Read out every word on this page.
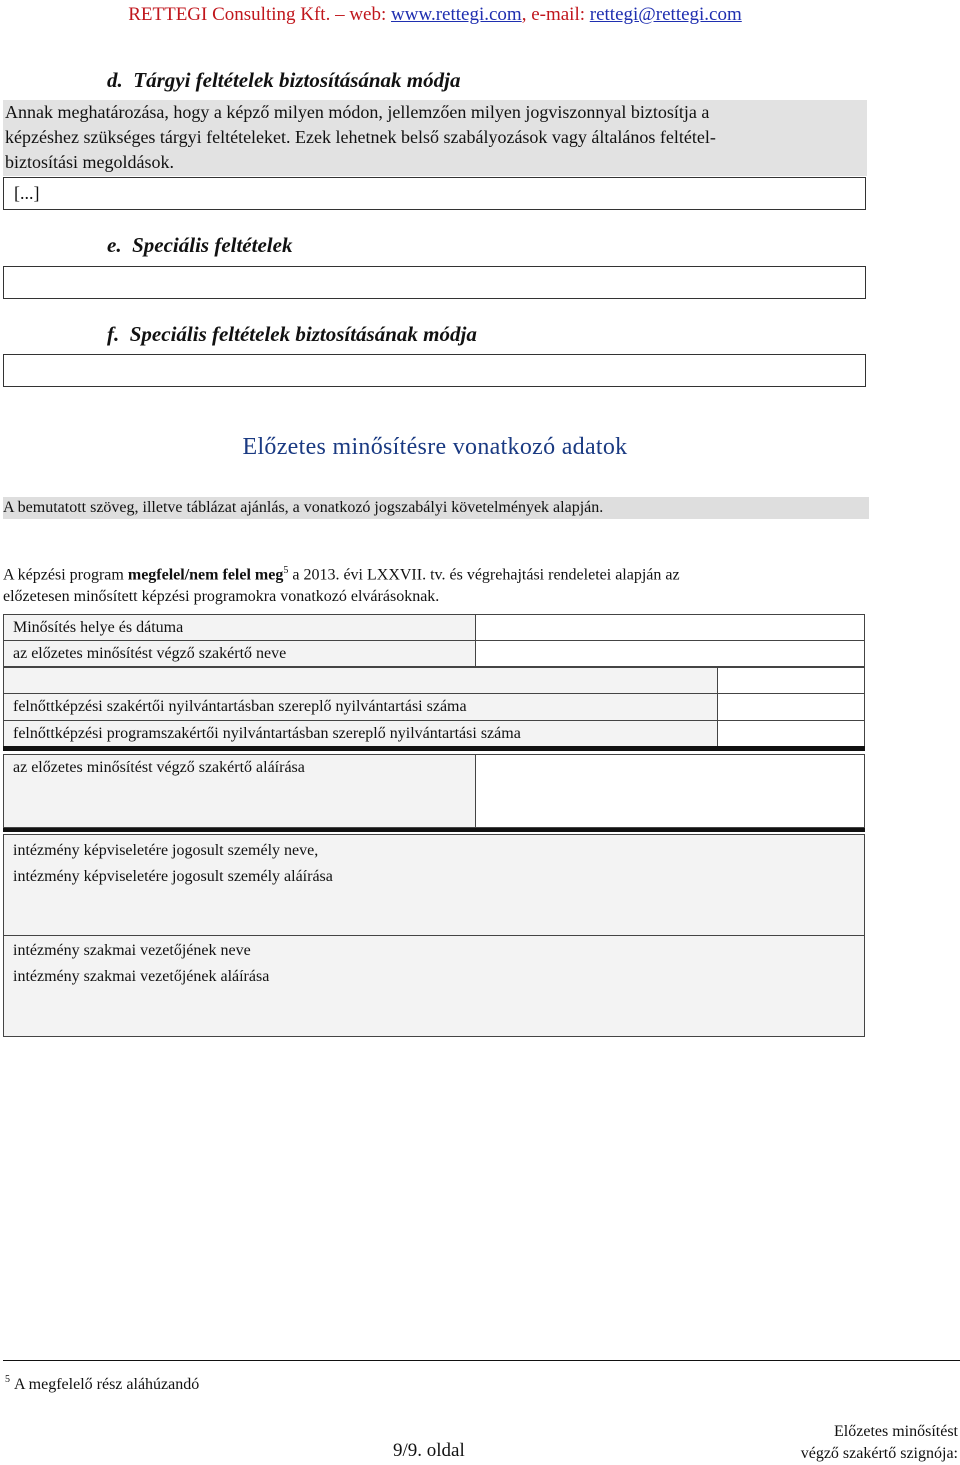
RETTEGI Consulting Kft. – web: www.rettegi.com, e-mail: rettegi@rettegi.com
d. Tárgyi feltételek biztosításának módja

Annak meghatározása, hogy a képző milyen módon, jellemzően milyen jogviszonnyal biztosítja a

képzéshez szükséges tárgyi feltételeket. Ezek lehetnek belső szabályozások vagy általános feltétel-

biztosítási megoldások.

[...]
e. Speciális feltételek
f. Speciális feltételek biztosításának módja
Előzetes minősítésre vonatkozó adatok
A bemutatott szöveg, illetve táblázat ajánlás, a vonatkozó jogszabályi követelmények alapján.
A képzési program megfelel/nem felel meg$^5$ a 2013. évi LXXVII. tv. és végrehajtási rendeletei alapján az
előzetesen minősített képzési programokra vonatkozó elvárásoknak.
Minősítés helye és dátuma
az előzetes minősítést végző szakértő neve
felnőttképzési szakértői nyilvántartásban szereplő nyilvántartási száma
felnőttképzési programszakértői nyilvántartásban szereplő nyilvántartási száma
az előzetes minősítést végző szakértő aláírása
intézmény képviseletére jogosult személy neve,
intézmény képviseletére jogosult személy aláírása
intézmény szakmai vezetőjének neve
intézmény szakmai vezetőjének aláírása
$^5$ A megfelelő rész aláhúzandó
9/9. oldal
Előzetes minősítést
végző szakértő szignója:
